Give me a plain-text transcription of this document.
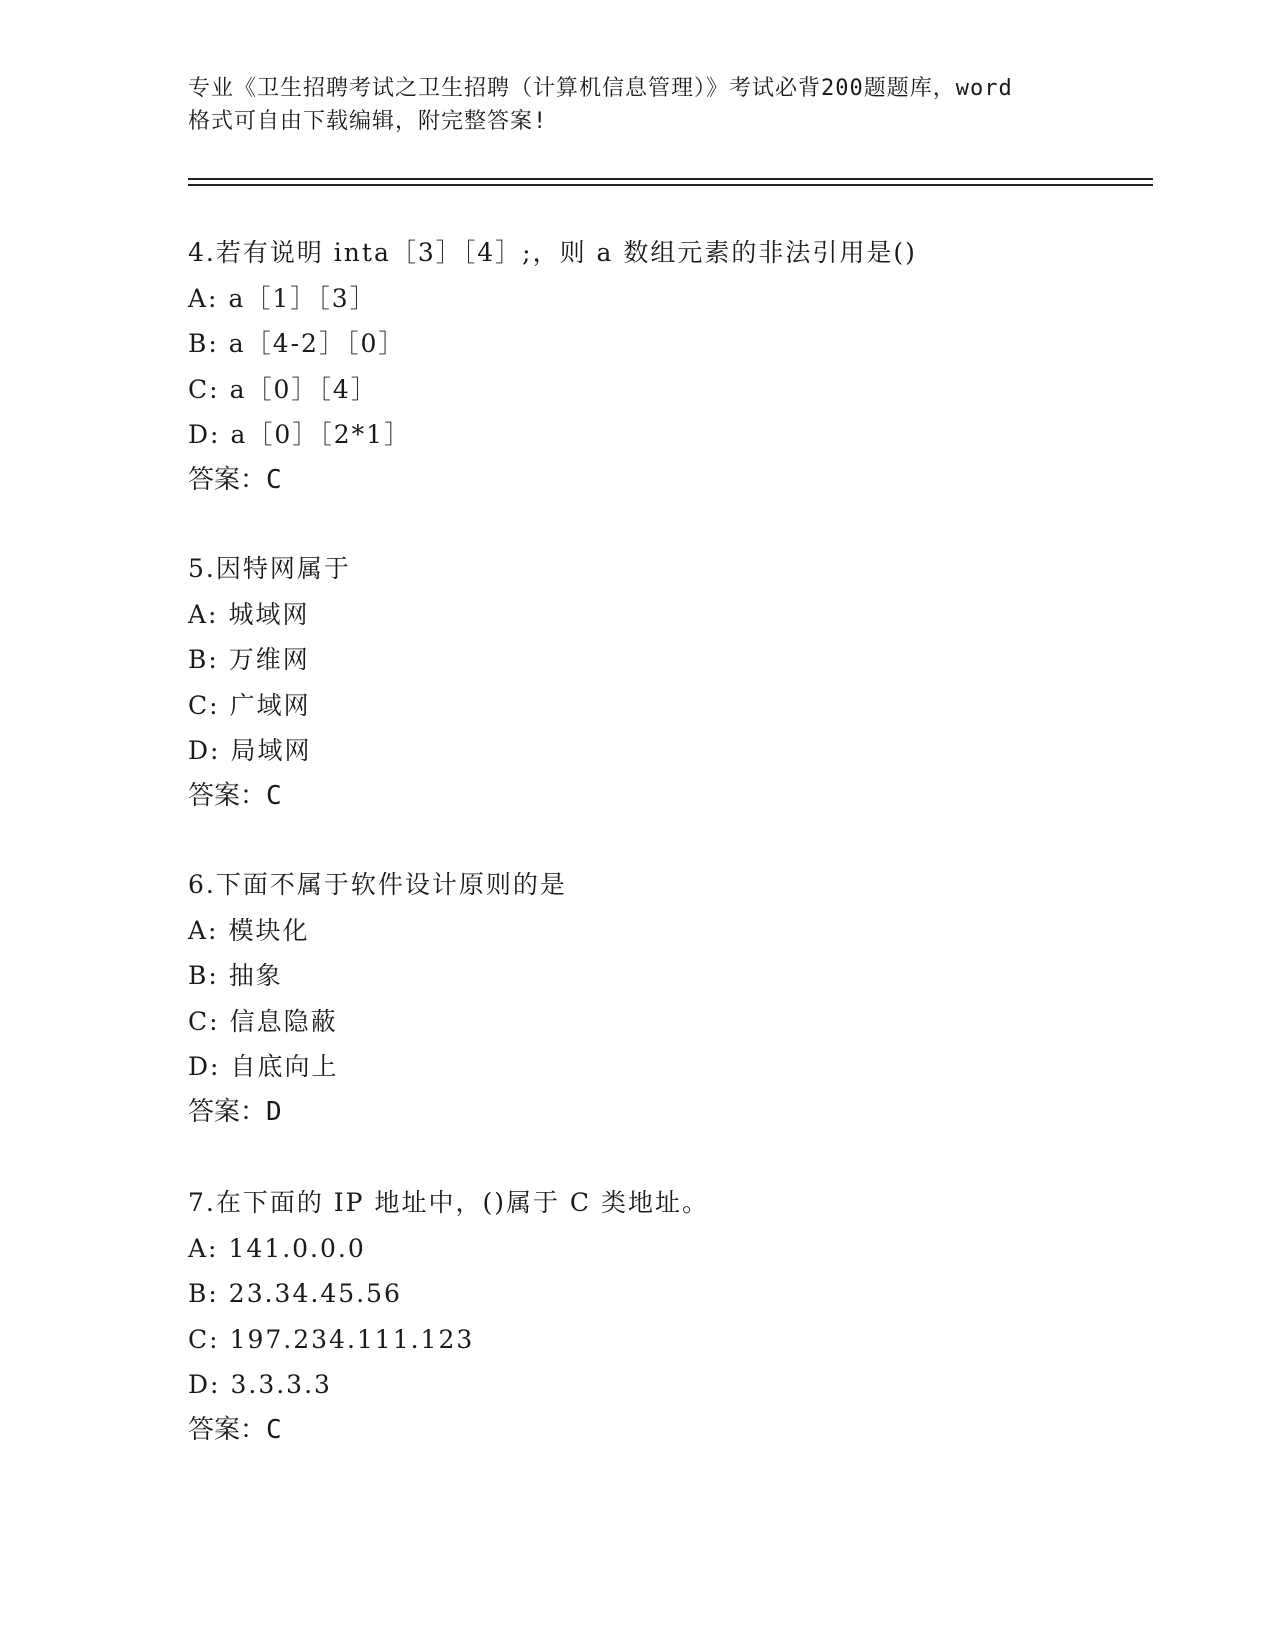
专业《卫生招聘考试之卫生招聘（计算机信息管理）》考试必背200题题库，word
格式可自由下载编辑，附完整答案!
4.若有说明 inta［3］［4］;，则 a 数组元素的非法引用是()
A: a［1］［3］
B: a［4-2］［0］
C: a［0］［4］
D: a［0］［2*1］
答案：C
5.因特网属于
A: 城域网
B: 万维网
C: 广域网
D: 局域网
答案：C
6.下面不属于软件设计原则的是
A: 模块化
B: 抽象
C: 信息隐蔽
D: 自底向上
答案：D
7.在下面的 IP 地址中，()属于 C 类地址。
A: 141.0.0.0
B: 23.34.45.56
C: 197.234.111.123
D: 3.3.3.3
答案：C
